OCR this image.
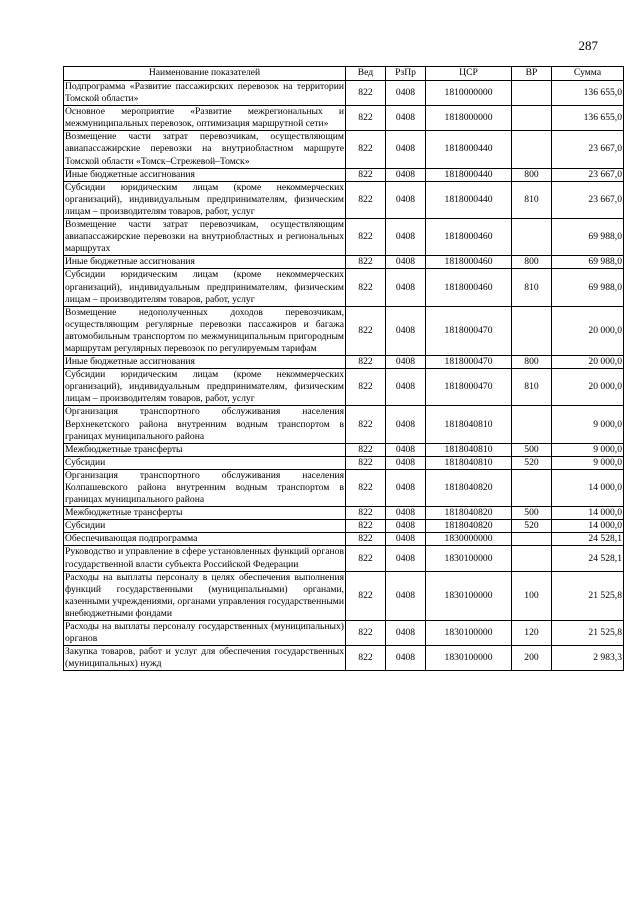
287
Наименование показателей	Вед	РзПр	ЦСР	ВР	Сумма
Подпрограмма «Развитие пассажирских перевозок на территории Томской области»	822	0408	1810000000		136 655,0
Основное мероприятие «Развитие межрегиональных и межмуниципальных перевозок, оптимизация маршрутной сети»	822	0408	1818000000		136 655,0
Возмещение части затрат перевозчикам, осуществляющим авиапассажирские перевозки на внутриобластном маршруте Томской области «Томск–Стрежевой–Томск»	822	0408	1818000440		23 667,0
Иные бюджетные ассигнования	822	0408	1818000440	800	23 667,0
Субсидии юридическим лицам (кроме некоммерческих организаций), индивидуальным предпринимателям, физическим лицам – производителям товаров, работ, услуг	822	0408	1818000440	810	23 667,0
Возмещение части затрат перевозчикам, осуществляющим авиапассажирские перевозки на внутриобластных и региональных маршрутах	822	0408	1818000460		69 988,0
Иные бюджетные ассигнования	822	0408	1818000460	800	69 988,0
Субсидии юридическим лицам (кроме некоммерческих организаций), индивидуальным предпринимателям, физическим лицам – производителям товаров, работ, услуг	822	0408	1818000460	810	69 988,0
Возмещение недополученных доходов перевозчикам, осуществляющим регулярные перевозки пассажиров и багажа автомобильным транспортом по межмуниципальным пригородным маршрутам регулярных перевозок по регулируемым тарифам	822	0408	1818000470		20 000,0
Иные бюджетные ассигнования	822	0408	1818000470	800	20 000,0
Субсидии юридическим лицам (кроме некоммерческих организаций), индивидуальным предпринимателям, физическим лицам – производителям товаров, работ, услуг	822	0408	1818000470	810	20 000,0
Организация транспортного обслуживания населения Верхнекетского района внутренним водным транспортом в границах муниципального района	822	0408	1818040810		9 000,0
Межбюджетные трансферты	822	0408	1818040810	500	9 000,0
Субсидии	822	0408	1818040810	520	9 000,0
Организация транспортного обслуживания населения Колпашевского района внутренним водным транспортом в границах муниципального района	822	0408	1818040820		14 000,0
Межбюджетные трансферты	822	0408	1818040820	500	14 000,0
Субсидии	822	0408	1818040820	520	14 000,0
Обеспечивающая подпрограмма	822	0408	1830000000		24 528,1
Руководство и управление в сфере установленных функций органов государственной власти субъекта Российской Федерации	822	0408	1830100000		24 528,1
Расходы на выплаты персоналу в целях обеспечения выполнения функций государственными (муниципальными) органами, казенными учреждениями, органами управления государственными внебюджетными фондами	822	0408	1830100000	100	21 525,8
Расходы на выплаты персоналу государственных (муниципальных) органов	822	0408	1830100000	120	21 525,8
Закупка товаров, работ и услуг для обеспечения государственных (муниципальных) нужд	822	0408	1830100000	200	2 983,3
